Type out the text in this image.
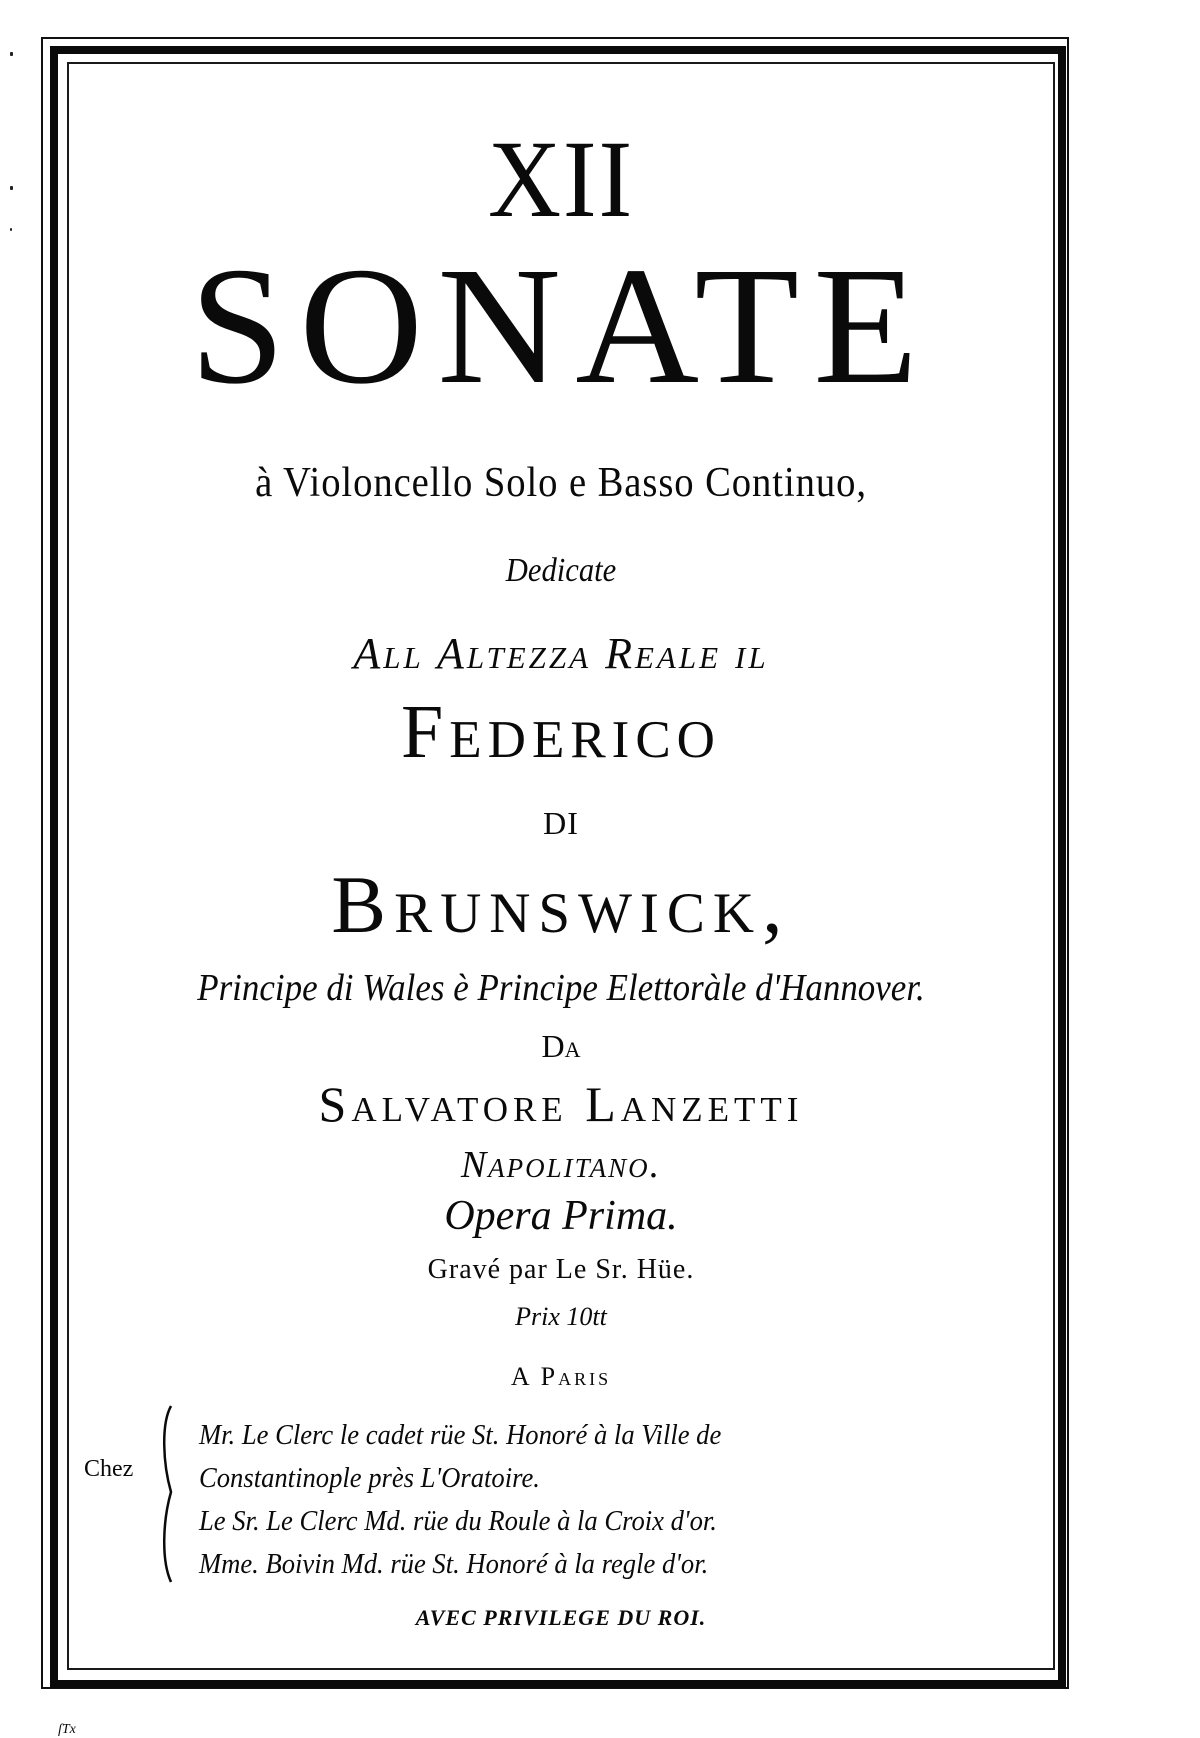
XII
SONATE
à Violoncello Solo e Basso Continuo,
Dedicate
All Altezza Reale il
Federico
DI
Brunswick,
Principe di Wales è Principe Elettoràle d'Hannover.
Da
Salvatore Lanzetti
Napolitano.
Opera Prima.
Gravé par Le Sr. Hüe.
Prix 10tt
A Paris
Chez
Mr. Le Clerc le cadet rüe St. Honoré à la Ville de
Constantinople près L'Oratoire.
Le Sr. Le Clerc Md. rüe du Roule à la Croix d'or.
Mme. Boivin Md. rüe St. Honoré à la regle d'or.
AVEC PRIVILEGE DU ROI.
ſTx
